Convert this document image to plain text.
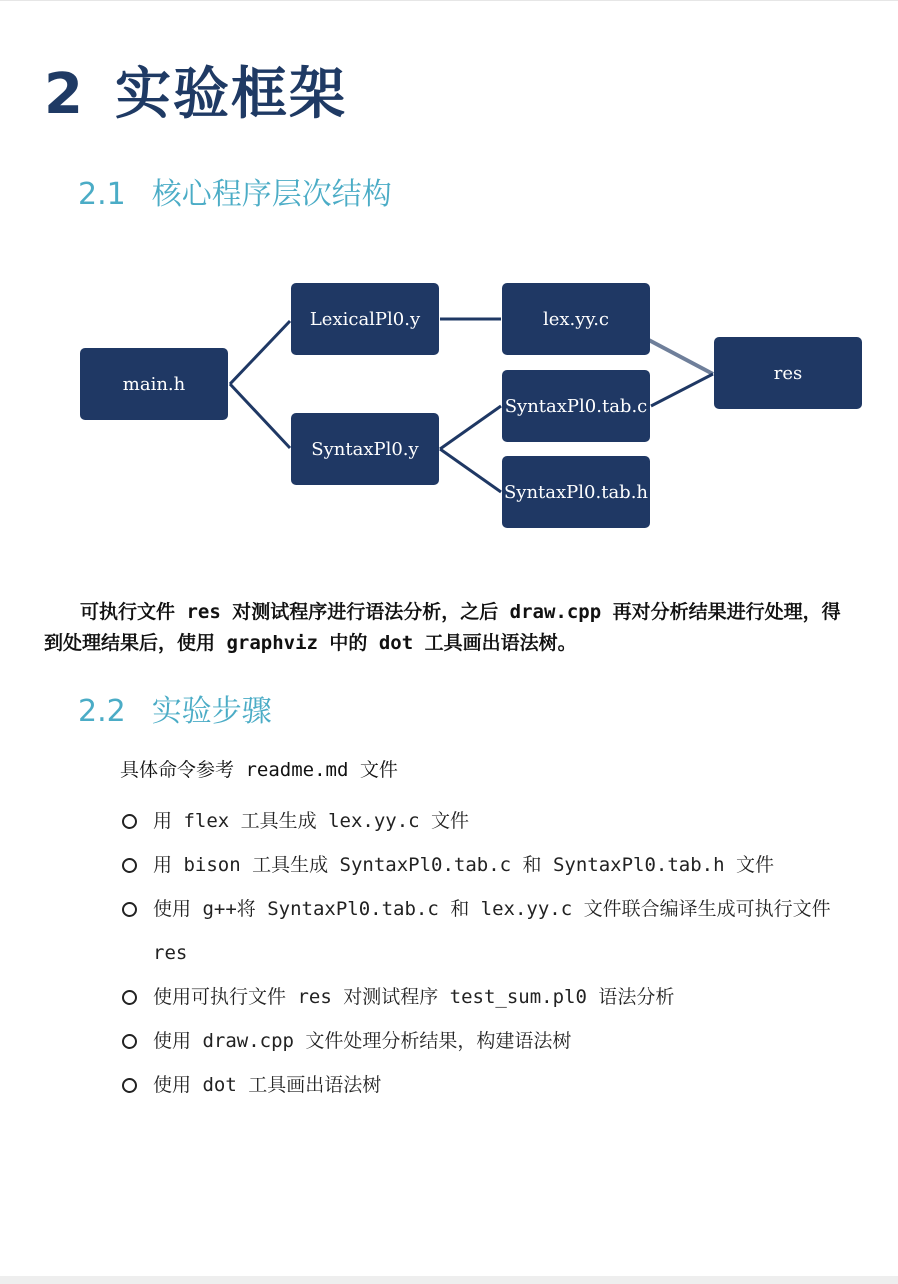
2 实验框架
2.1 核心程序层次结构
main.h
LexicalPl0.y
SyntaxPl0.y
lex.yy.c
SyntaxPl0.tab.c
SyntaxPl0.tab.h
res
可执行文件 res 对测试程序进行语法分析，之后 draw.cpp 再对分析结果进行处理，得到处理结果后，使用 graphviz 中的 dot 工具画出语法树。
2.2 实验步骤
具体命令参考 readme.md 文件
用 flex 工具生成 lex.yy.c 文件
用 bison 工具生成 SyntaxPl0.tab.c 和 SyntaxPl0.tab.h 文件
使用 g++将 SyntaxPl0.tab.c 和 lex.yy.c 文件联合编译生成可执行文件 res
使用可执行文件 res 对测试程序 test_sum.pl0 语法分析
使用 draw.cpp 文件处理分析结果，构建语法树
使用 dot 工具画出语法树
